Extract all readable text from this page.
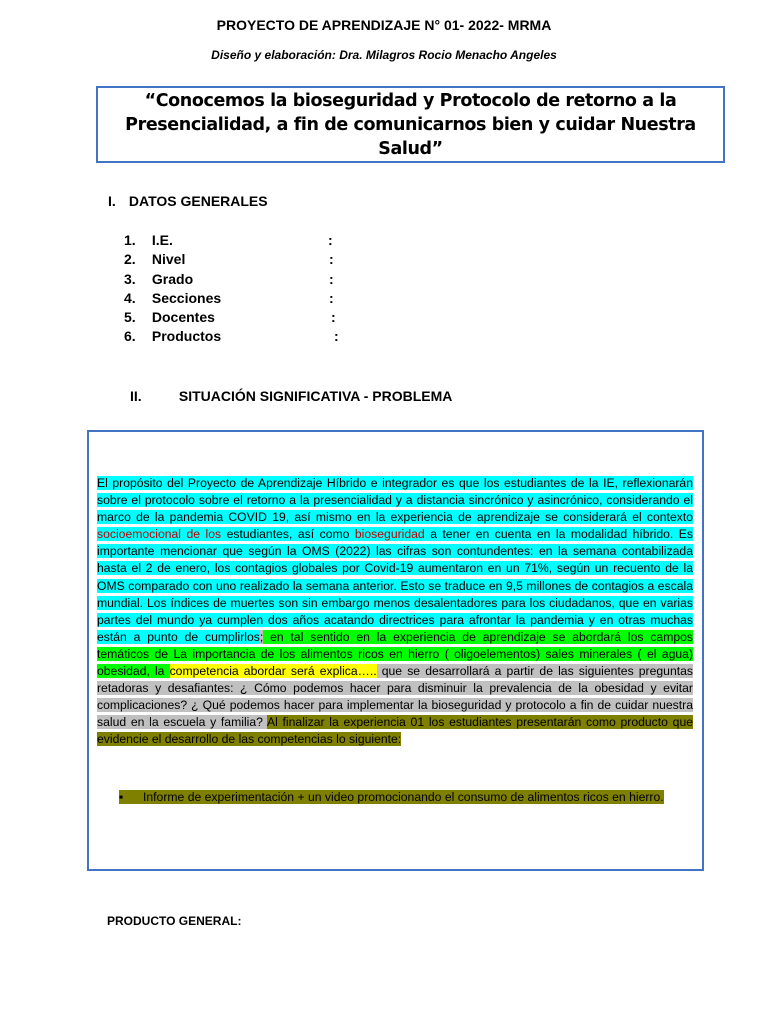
PROYECTO DE APRENDIZAJE N° 01- 2022- MRMA
Diseño y elaboración: Dra. Milagros Rocio Menacho Angeles
“Conocemos la bioseguridad y Protocolo de retorno a la Presencialidad, a fin de comunicarnos bien y cuidar Nuestra Salud”
I. DATOS GENERALES
1. I.E.	:
2. Nivel	:
3. Grado	:
4. Secciones	:
5. Docentes	:
6. Productos	:
II.	SITUACIÓN SIGNIFICATIVA - PROBLEMA
El propósito del Proyecto de Aprendizaje Híbrido e integrador es que los estudiantes de la IE, reflexionarán sobre el protocolo sobre el retorno a la presencialidad y a distancia sincrónico y asincrónico, considerando el marco de la pandemia COVID 19, así mismo en la experiencia de aprendizaje se considerará el contexto socioemocional de los estudiantes, así como bioseguridad a tener en cuenta en la modalidad híbrido. Es importante mencionar que según la OMS (2022) las cifras son contundentes: en la semana contabilizada hasta el 2 de enero, los contagios globales por Covid-19 aumentaron en un 71%, según un recuento de la OMS comparado con uno realizado la semana anterior. Esto se traduce en 9,5 millones de contagios a escala mundial. Los índices de muertes son sin embargo menos desalentadores para los ciudadanos, que en varias partes del mundo ya cumplen dos años acatando directrices para afrontar la pandemia y en otras muchas están a punto de cumplirlos; en tal sentido en la experiencia de aprendizaje se abordará los campos temáticos de La importancia de los alimentos ricos en hierro ( oligoelementos) sales minerales ( el agua) obesidad, la competencia abordar será explica….. que se desarrollará a partir de las siguientes preguntas retadoras y desafiantes: ¿ Cómo podemos hacer para disminuir la prevalencia de la obesidad y evitar complicaciones? ¿ Qué podemos hacer para implementar la bioseguridad y protocolo a fin de cuidar nuestra salud en la escuela y familia? Al finalizar la experiencia 01 los estudiantes presentarán como producto que evidencie el desarrollo de las competencias lo siguiente:
▪ Informe de experimentación + un video promocionando el consumo de alimentos ricos en hierro.
PRODUCTO GENERAL:
